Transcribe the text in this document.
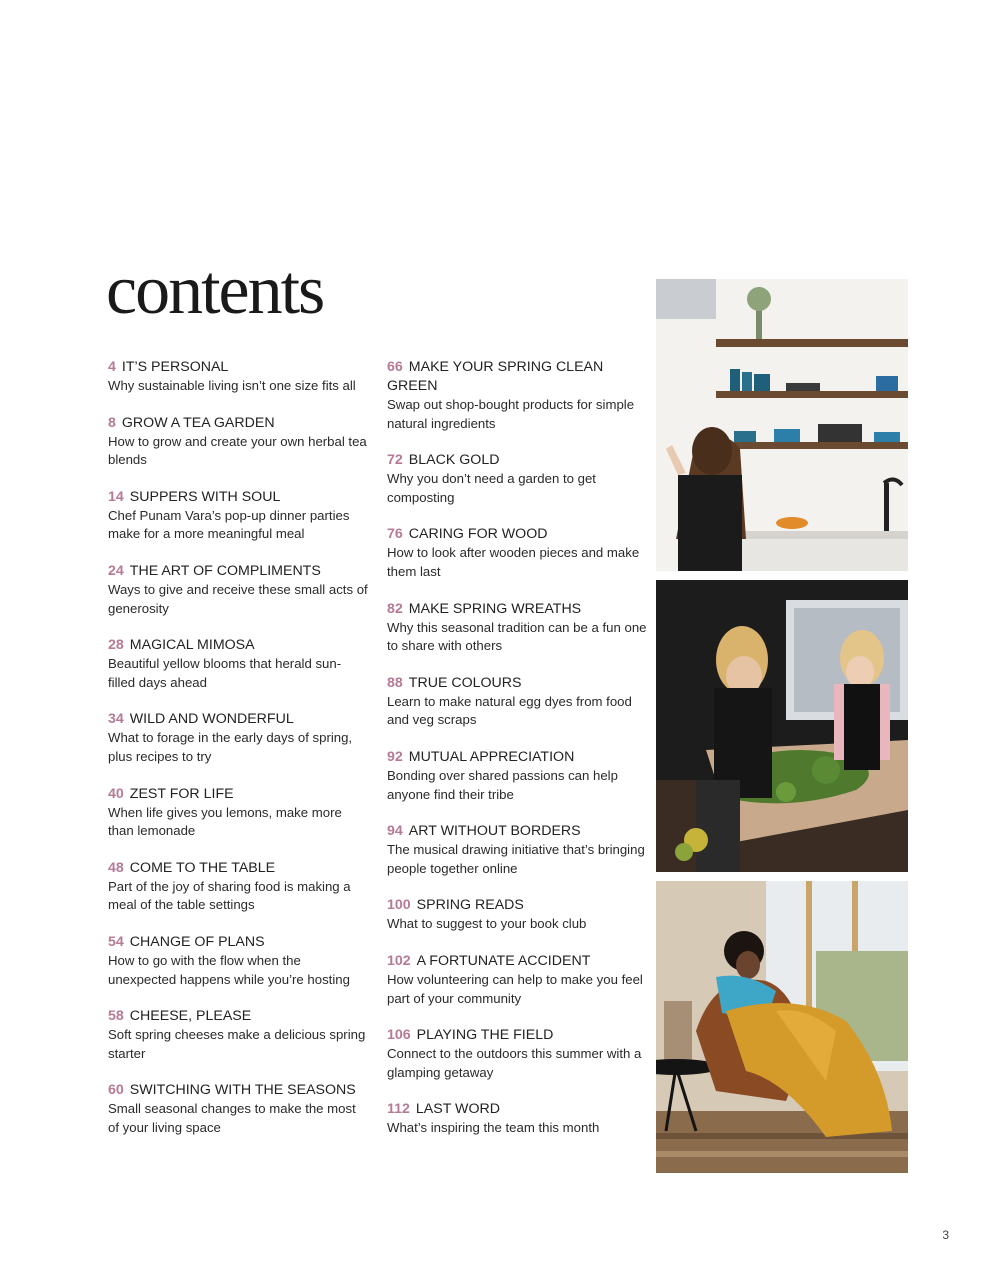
contents
4 IT’S PERSONAL
Why sustainable living isn’t one size fits all
8 GROW A TEA GARDEN
How to grow and create your own herbal tea blends
14 SUPPERS WITH SOUL
Chef Punam Vara’s pop-up dinner parties make for a more meaningful meal
24 THE ART OF COMPLIMENTS
Ways to give and receive these small acts of generosity
28 MAGICAL MIMOSA
Beautiful yellow blooms that herald sun-filled days ahead
34 WILD AND WONDERFUL
What to forage in the early days of spring, plus recipes to try
40 ZEST FOR LIFE
When life gives you lemons, make more than lemonade
48 COME TO THE TABLE
Part of the joy of sharing food is making a meal of the table settings
54 CHANGE OF PLANS
How to go with the flow when the unexpected happens while you’re hosting
58 CHEESE, PLEASE
Soft spring cheeses make a delicious spring starter
60 SWITCHING WITH THE SEASONS
Small seasonal changes to make the most of your living space
66 MAKE YOUR SPRING CLEAN GREEN
Swap out shop-bought products for simple natural ingredients
72 BLACK GOLD
Why you don’t need a garden to get composting
76 CARING FOR WOOD
How to look after wooden pieces and make them last
82 MAKE SPRING WREATHS
Why this seasonal tradition can be a fun one to share with others
88 TRUE COLOURS
Learn to make natural egg dyes from food and veg scraps
92 MUTUAL APPRECIATION
Bonding over shared passions can help anyone find their tribe
94 ART WITHOUT BORDERS
The musical drawing initiative that’s bringing people together online
100 SPRING READS
What to suggest to your book club
102 A FORTUNATE ACCIDENT
How volunteering can help to make you feel part of your community
106 PLAYING THE FIELD
Connect to the outdoors this summer with a glamping getaway
112 LAST WORD
What’s inspiring the team this month
3
